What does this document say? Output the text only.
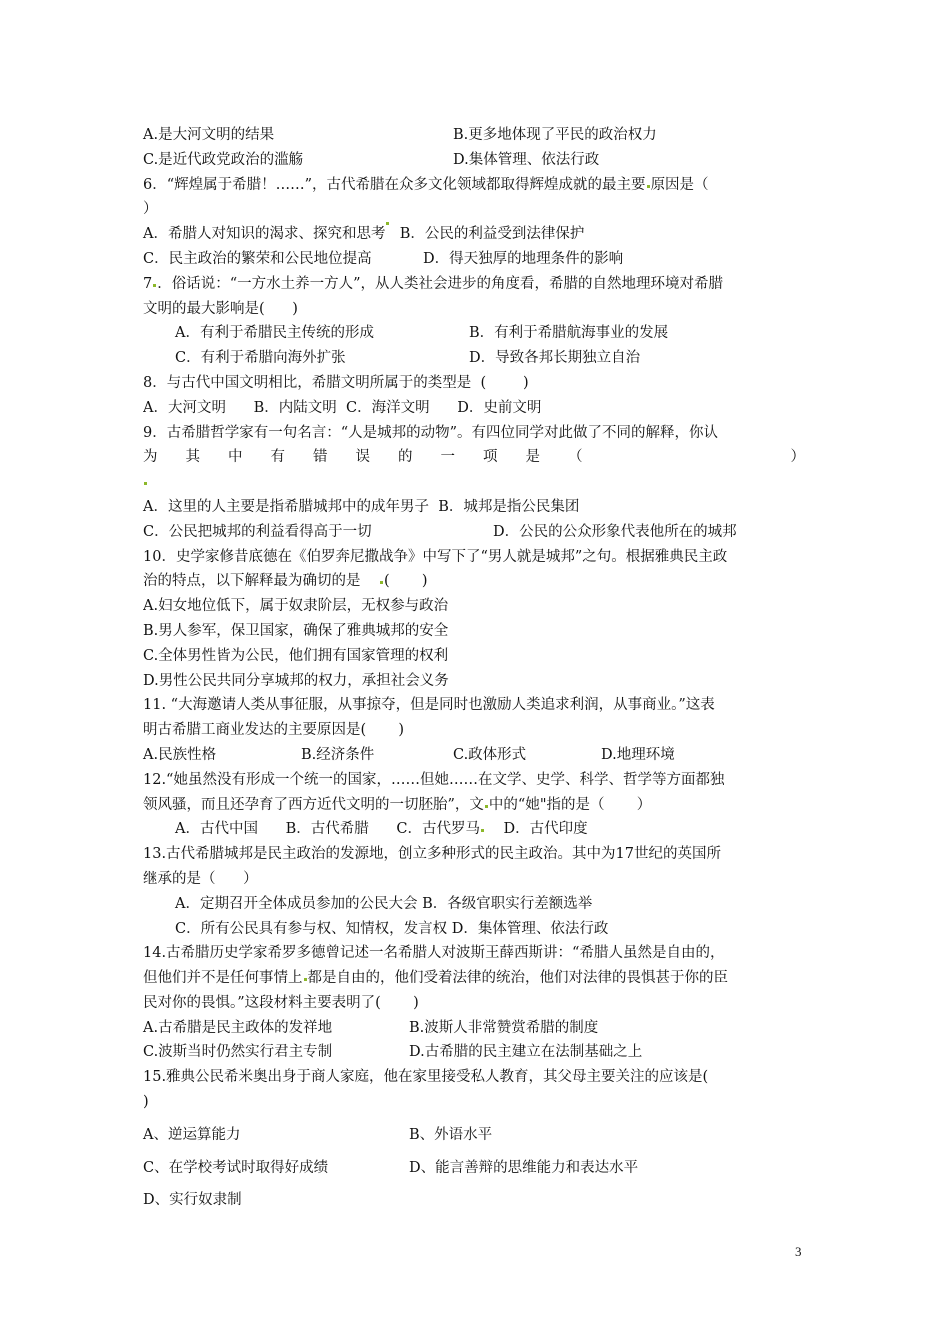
A.是大河文明的结果	B.更多地体现了平民的政治权力
C.是近代政党政治的滥觞	D.集体管理、依法行政
6．“辉煌属于希腊！……”，古代希腊在众多文化领域都取得辉煌成就的最主要 原因是（
）
A．希腊人对知识的渴求、探究和思考 B．公民的利益受到法律保护
C．民主政治的繁荣和公民地位提高	D．得天独厚的地理条件的影响
7 ．俗话说：“一方水土养一方人”，从人类社会进步的角度看，希腊的自然地理环境对希腊
文明的最大影响是(      )
A．有利于希腊民主传统的形成	B．有利于希腊航海事业的发展
C．有利于希腊向海外扩张	D．导致各邦长期独立自治
8．与古代中国文明相比，希腊文明所属于的类型是  (        )
A．大河文明      B．内陆文明  C．海洋文明      D．史前文明
9．古希腊哲学家有一句名言：“人是城邦的动物”。有四位同学对此做了不同的解释，你认
为 其 中 有 错 误 的 一 项 是 （	）
A．这里的人主要是指希腊城邦中的成年男子
B．城邦是指公民集团
C．公民把城邦的利益看得高于一切	D．公民的公众形象代表他所在的城邦
10．史学家修昔底德在《伯罗奔尼撒战争》中写下了“男人就是城邦”之句。根据雅典民主政
治的特点，以下解释最为确切的是    (       )
A.妇女地位低下，属于奴隶阶层，无权参与政治
B.男人参军，保卫国家，确保了雅典城邦的安全
C.全体男性皆为公民，他们拥有国家管理的权利
D.男性公民共同分享城邦的权力，承担社会义务
11. “大海邀请人类从事征服，从事掠夺，但是同时也激励人类追求利润，从事商业。”这表
明古希腊工商业发达的主要原因是(       )
A.民族性格	B.经济条件	C.政体形式	D.地理环境
12.“她虽然没有形成一个统一的国家，……但她……在文学、史学、科学、哲学等方面都独
领风骚，而且还孕育了西方近代文明的一切胚胎”，文 中的“她"指的是（       ）
A．古代中国      B．古代希腊      C．古代罗马    D．古代印度
13.古代希腊城邦是民主政治的发源地，创立多种形式的民主政治。其中为17世纪的英国所
继承的是（      ）
A．定期召开全体成员参加的公民大会 B．各级官职实行差额选举
C．所有公民具有参与权、知情权，发言权 D．集体管理、依法行政
14.古希腊历史学家希罗多德曾记述一名希腊人对波斯王薛西斯讲：“希腊人虽然是自由的，
但他们并不是任何事情上 都是自由的，他们受着法律的统治，他们对法律的畏惧甚于你的臣
民对你的畏惧。”这段材料主要表明了(       )
A.古希腊是民主政体的发祥地	B.波斯人非常赞赏希腊的制度
C.波斯当时仍然实行君主专制	D.古希腊的民主建立在法制基础之上
15.雅典公民希米奥出身于商人家庭，他在家里接受私人教育，其父母主要关注的应该是(
)
A、逆运算能力	B、外语水平
C、在学校考试时取得好成绩	D、能言善辩的思维能力和表达水平
D、实行奴隶制
3
